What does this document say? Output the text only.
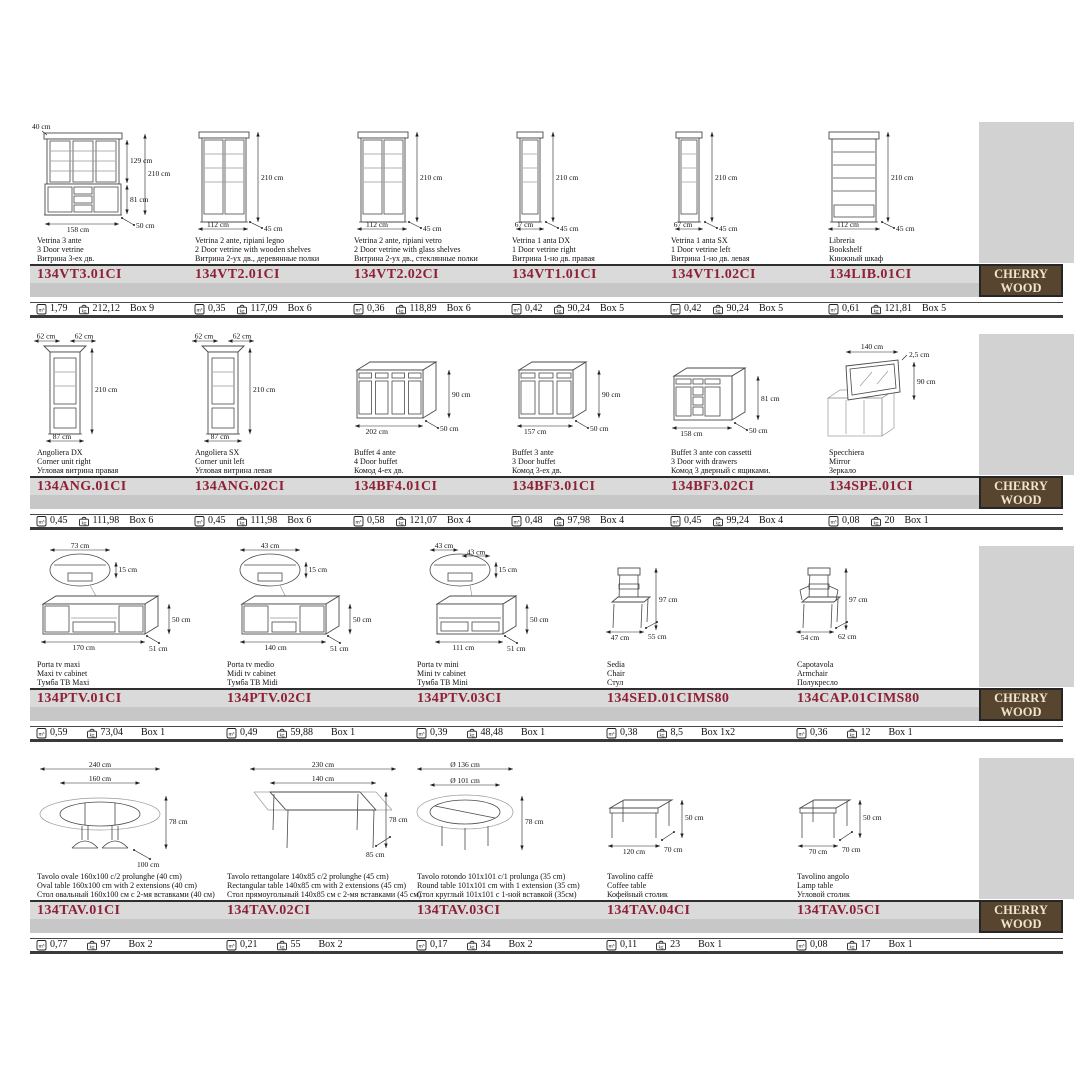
CHERRY WOOD
40 cm
129 cm
210 cm
81 cm
158 cm	50 cm
Vetrina 3 ante
3 Door vetrine
Витрина 3-ех дв.
134VT3.01CI
m³ 1,79	kg 212,12 Box 9
210 cm
112 cm	45 cm
Vetrina 2 ante, ripiani legno
2 Door vetrine with wooden shelves
Витрина 2-ух дв., деревянные полки
134VT2.01CI
m³ 0,35	kg 117,09 Box 6
210 cm
112 cm	45 cm
Vetrina 2 ante, ripiani vetro
2 Door vetrine with glass shelves
Витрина 2-ух дв., стеклянные полки
134VT2.02CI
m³ 0,36	kg 118,89 Box 6
210 cm
67 cm	45 cm
Vetrina 1 anta DX
1 Door vetrine right
Витрина 1-но дв. правая
134VT1.01CI
m³ 0,42	kg 90,24 Box 5
210 cm
67 cm	45 cm
Vetrina 1 anta SX
1 Door vetrine left
Витрина 1-но дв. левая
134VT1.02CI
m³ 0,42	kg 90,24 Box 5
210 cm
112 cm	45 cm
Libreria
Bookshelf
Книжный шкаф
134LIB.01CI
m³ 0,61	kg 121,81 Box 5
CHERRY WOOD
62 cm	62 cm
210 cm
87 cm
Angoliera DX
Corner unit right
Угловая витрина правая
134ANG.01CI
m³ 0,45	kg 111,98 Box 6
62 cm	62 cm
210 cm
87 cm
Angoliera SX
Corner unit left
Угловая витрина левая
134ANG.02CI
m³ 0,45	kg 111,98 Box 6
90 cm
202 cm	50 cm
Buffet 4 ante
4 Door buffet
Комод 4-ех дв.
134BF4.01CI
m³ 0,58	kg 121,07 Box 4
90 cm
157 cm	50 cm
Buffet 3 ante
3 Door buffet
Комод 3-ех дв.
134BF3.01CI
m³ 0,48	kg 97,98 Box 4
81 cm
158 cm	50 cm
Buffet 3 ante con cassetti
3 Door with drawers
Комод 3 дверный с ящиками.
134BF3.02CI
m³ 0,45	kg 99,24 Box 4
140 cm
2,5 cm
90 cm
Specchiera
Mirror
Зеркало
134SPE.01CI
m³ 0,08	kg 20 Box 1
CHERRY WOOD
73 cm
15 cm
50 cm
170 cm	51 cm
Porta tv maxi
Maxi tv cabinet
Тумба ТВ Maxi
134PTV.01CI
m³ 0,59	kg 73,04 Box 1
43 cm
15 cm
50 cm
140 cm	51 cm
Porta tv medio
Midi tv cabinet
Тумба ТВ Midi
134PTV.02CI
m³ 0,49	kg 59,88 Box 1
43 cm
43 cm
15 cm
50 cm
111 cm	51 cm
Porta tv mini
Mini tv cabinet
Тумба ТВ Mini
134PTV.03CI
m³ 0,39	kg 48,48 Box 1
97 cm
47 cm 55 cm
Sedia
Chair
Стул
134SED.01CIMS80
m³ 0,38	kg 8,5 Box 1x2
97 cm
54 cm 62 cm
Capotavola
Armchair
Полукресло
134CAP.01CIMS80
m³ 0,36	kg 12 Box 1
CHERRY WOOD
240 cm
160 cm
78 cm
100 cm
Tavolo ovale 160x100 c/2 prolunghe (40 cm)
Oval table 160x100 cm with 2 extensions (40 cm)
Стол овальный 160x100 см с 2-мя вставками (40 см)
134TAV.01CI
m³ 0,77	kg 97 Box 2
230 cm
140 cm
78 cm
85 cm
Tavolo rettangolare 140x85 c/2 prolunghe (45 cm)
Rectangular table 140x85 cm with 2 extensions (45 cm)
Стол прямоугольный 140x85 см с 2-мя вставками (45 см)
134TAV.02CI
m³ 0,21	kg 55 Box 2
Ø 136 cm
Ø 101 cm
78 cm
Tavolo rotondo 101x101 c/1 prolunga (35 cm)
Round table 101x101 cm with 1 extension (35 cm)
Стол круглый 101x101 с 1-ной вставкой (35см)
134TAV.03CI
m³ 0,17	kg 34 Box 2
50 cm
120 cm	70 cm
Tavolino caffè
Coffee table
Кофейный столик
134TAV.04CI
m³ 0,11	kg 23 Box 1
50 cm
70 cm 70 cm
Tavolino angolo
Lamp table
Угловой столик
134TAV.05CI
m³ 0,08	kg 17 Box 1
